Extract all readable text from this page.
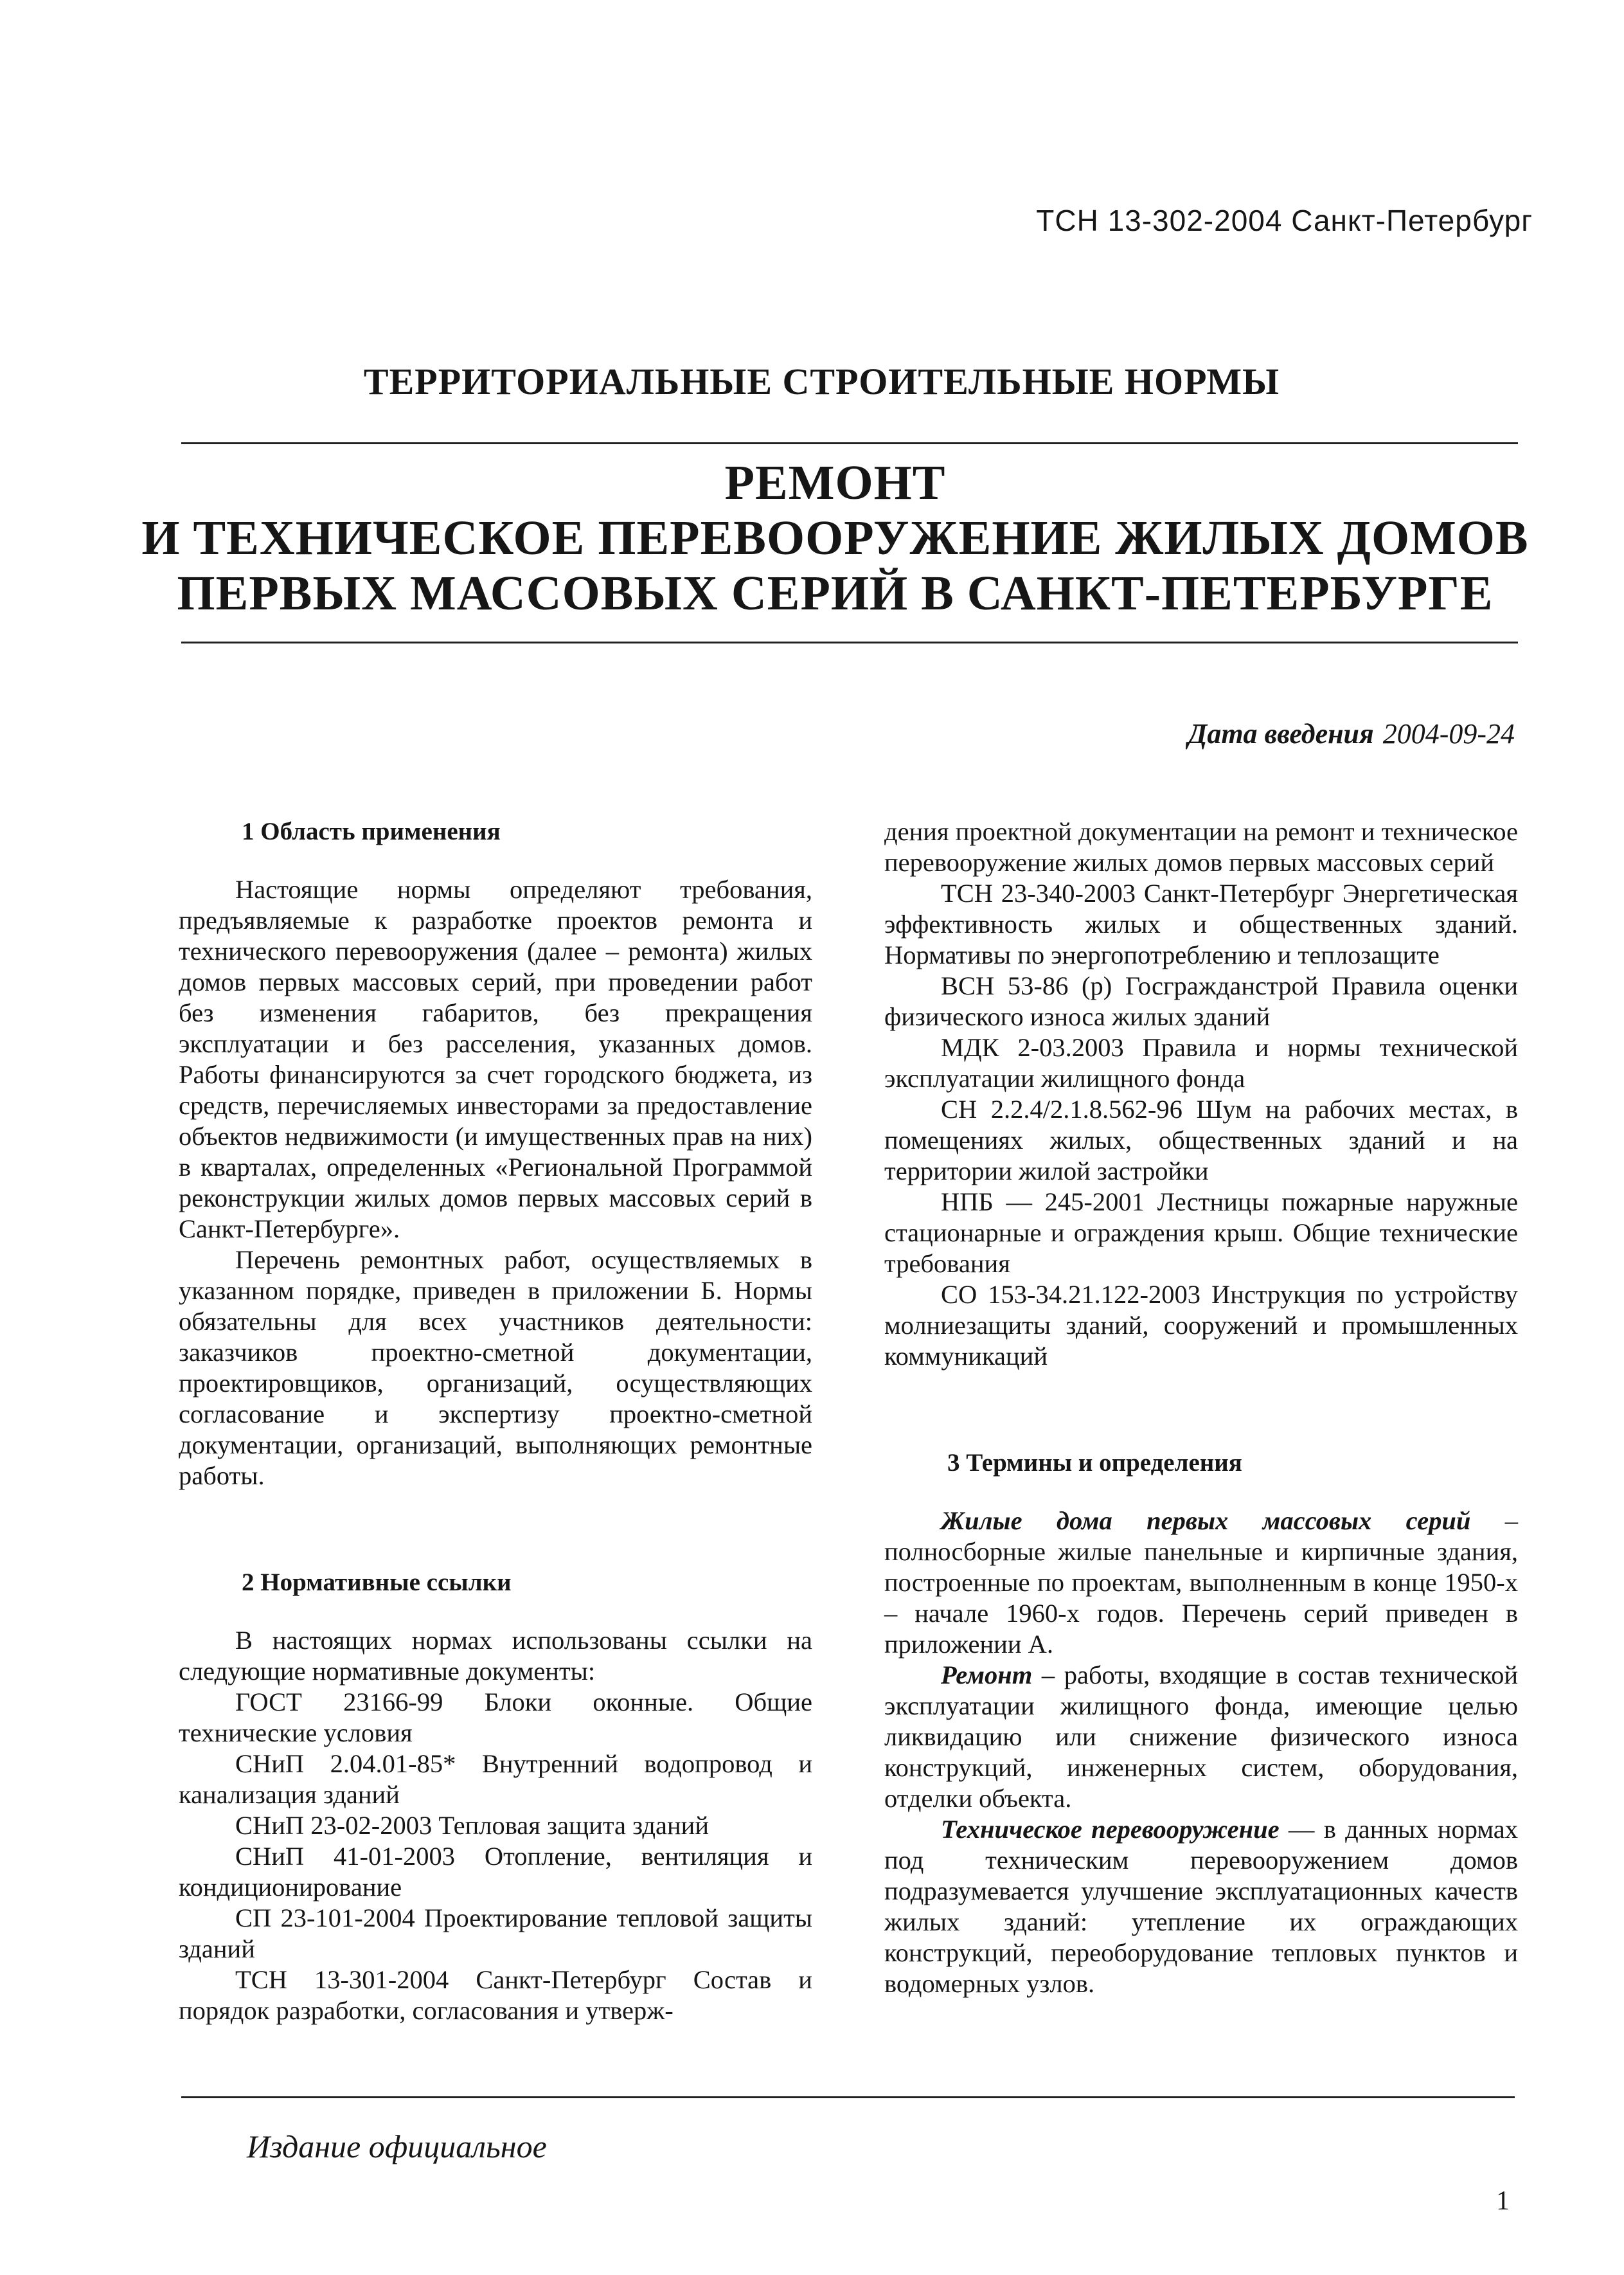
ТСН 13-302-2004 Санкт-Петербург
ТЕРРИТОРИАЛЬНЫЕ СТРОИТЕЛЬНЫЕ НОРМЫ
РЕМОНТ
И ТЕХНИЧЕСКОЕ ПЕРЕВООРУЖЕНИЕ ЖИЛЫХ ДОМОВ
ПЕРВЫХ МАССОВЫХ СЕРИЙ В САНКТ-ПЕТЕРБУРГЕ
Дата введения 2004-09-24
1 Область применения

Настоящие нормы определяют требования, предъявляемые к разработке проектов ремонта и технического перевооружения (далее – ремонта) жилых домов первых массовых серий, при проведении работ без изменения габаритов, без прекращения эксплуатации и без расселения, указанных домов. Работы финансируются за счет городского бюджета, из средств, перечисляемых инвесторами за предоставление объектов недвижимости (и имущественных прав на них) в кварталах, определенных «Региональной Программой реконструкции жилых домов первых массовых серий в Санкт-Петербурге».

Перечень ремонтных работ, осуществляемых в указанном порядке, приведен в приложении Б. Нормы обязательны для всех участников деятельности: заказчиков проектно-сметной документации, проектировщиков, организаций, осуществляющих согласование и экспертизу проектно-сметной документации, организаций, выполняющих ремонтные работы.

2 Нормативные ссылки

В настоящих нормах использованы ссылки на следующие нормативные документы:

ГОСТ 23166-99 Блоки оконные. Общие технические условия

СНиП 2.04.01-85* Внутренний водопровод и канализация зданий

СНиП 23-02-2003 Тепловая защита зданий

СНиП 41-01-2003 Отопление, вентиляция и кондиционирование

СП 23-101-2004 Проектирование тепловой защиты зданий

ТСН 13-301-2004 Санкт-Петербург Состав и порядок разработки, согласования и утверж-

дения проектной документации на ремонт и техническое перевооружение жилых домов первых массовых серий

ТСН 23-340-2003 Санкт-Петербург Энергетическая эффективность жилых и общественных зданий. Нормативы по энергопотреблению и теплозащите

ВСН 53-86 (р) Госгражданстрой Правила оценки физического износа жилых зданий

МДК 2-03.2003 Правила и нормы технической эксплуатации жилищного фонда

СН 2.2.4/2.1.8.562-96 Шум на рабочих местах, в помещениях жилых, общественных зданий и на территории жилой застройки

НПБ — 245-2001 Лестницы пожарные наружные стационарные и ограждения крыш. Общие технические требования

СО 153-34.21.122-2003 Инструкция по устройству молниезащиты зданий, сооружений и промышленных коммуникаций

3 Термины и определения

Жилые дома первых массовых серий – полносборные жилые панельные и кирпичные здания, построенные по проектам, выполненным в конце 1950-х – начале 1960-х годов. Перечень серий приведен в приложении А.

Ремонт – работы, входящие в состав технической эксплуатации жилищного фонда, имеющие целью ликвидацию или снижение физического износа конструкций, инженерных систем, оборудования, отделки объекта.

Техническое перевооружение — в данных нормах под техническим перевооружением домов подразумевается улучшение эксплуатационных качеств жилых зданий: утепление их ограждающих конструкций, переоборудование тепловых пунктов и водомерных узлов.

Издание официальное
1
